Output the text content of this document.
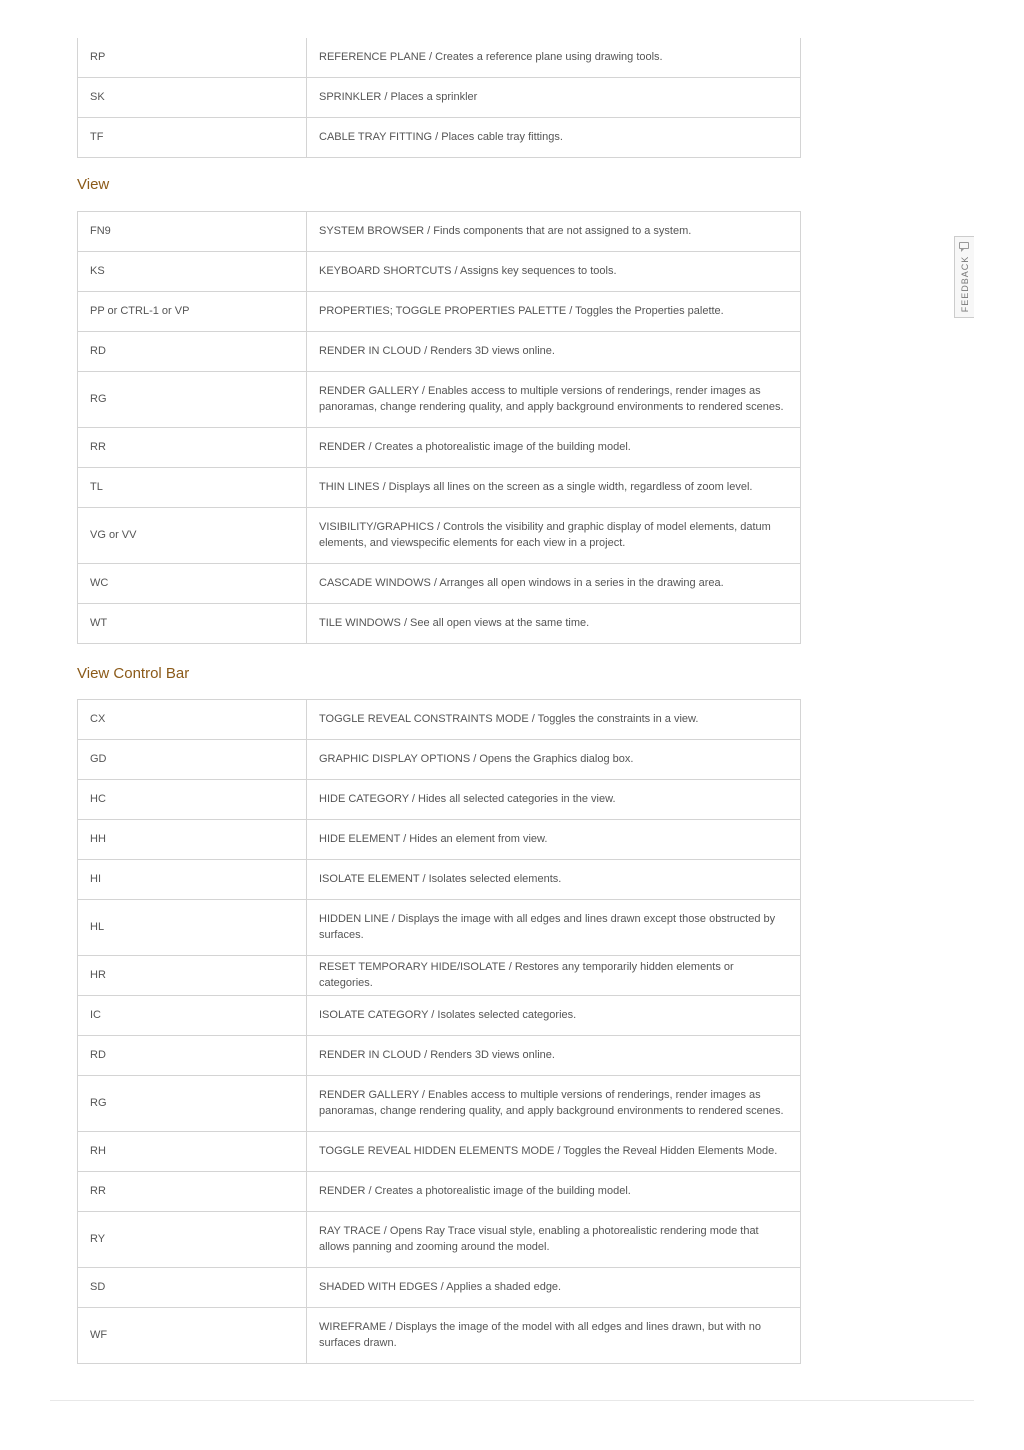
RP	REFERENCE PLANE / Creates a reference plane using drawing tools.
SK	SPRINKLER / Places a sprinkler
TF	CABLE TRAY FITTING / Places cable tray fittings.
View
FN9	SYSTEM BROWSER / Finds components that are not assigned to a system.
KS	KEYBOARD SHORTCUTS / Assigns key sequences to tools.
PP or CTRL-1 or VP	PROPERTIES; TOGGLE PROPERTIES PALETTE / Toggles the Properties palette.
RD	RENDER IN CLOUD / Renders 3D views online.
RG	RENDER GALLERY / Enables access to multiple versions of renderings, render images as panoramas, change rendering quality, and apply background environments to rendered scenes.
RR	RENDER / Creates a photorealistic image of the building model.
TL	THIN LINES / Displays all lines on the screen as a single width, regardless of zoom level.
VG or VV	VISIBILITY/GRAPHICS / Controls the visibility and graphic display of model elements, datum elements, and viewspecific elements for each view in a project.
WC	CASCADE WINDOWS / Arranges all open windows in a series in the drawing area.
WT	TILE WINDOWS / See all open views at the same time.
View Control Bar
CX	TOGGLE REVEAL CONSTRAINTS MODE / Toggles the constraints in a view.
GD	GRAPHIC DISPLAY OPTIONS / Opens the Graphics dialog box.
HC	HIDE CATEGORY / Hides all selected categories in the view.
HH	HIDE ELEMENT / Hides an element from view.
HI	ISOLATE ELEMENT / Isolates selected elements.
HL	HIDDEN LINE / Displays the image with all edges and lines drawn except those obstructed by surfaces.
HR	RESET TEMPORARY HIDE/ISOLATE / Restores any temporarily hidden elements or categories.
IC	ISOLATE CATEGORY / Isolates selected categories.
RD	RENDER IN CLOUD / Renders 3D views online.
RG	RENDER GALLERY / Enables access to multiple versions of renderings, render images as panoramas, change rendering quality, and apply background environments to rendered scenes.
RH	TOGGLE REVEAL HIDDEN ELEMENTS MODE / Toggles the Reveal Hidden Elements Mode.
RR	RENDER / Creates a photorealistic image of the building model.
RY	RAY TRACE / Opens Ray Trace visual style, enabling a photorealistic rendering mode that allows panning and zooming around the model.
SD	SHADED WITH EDGES / Applies a shaded edge.
WF	WIREFRAME / Displays the image of the model with all edges and lines drawn, but with no surfaces drawn.
FEEDBACK
